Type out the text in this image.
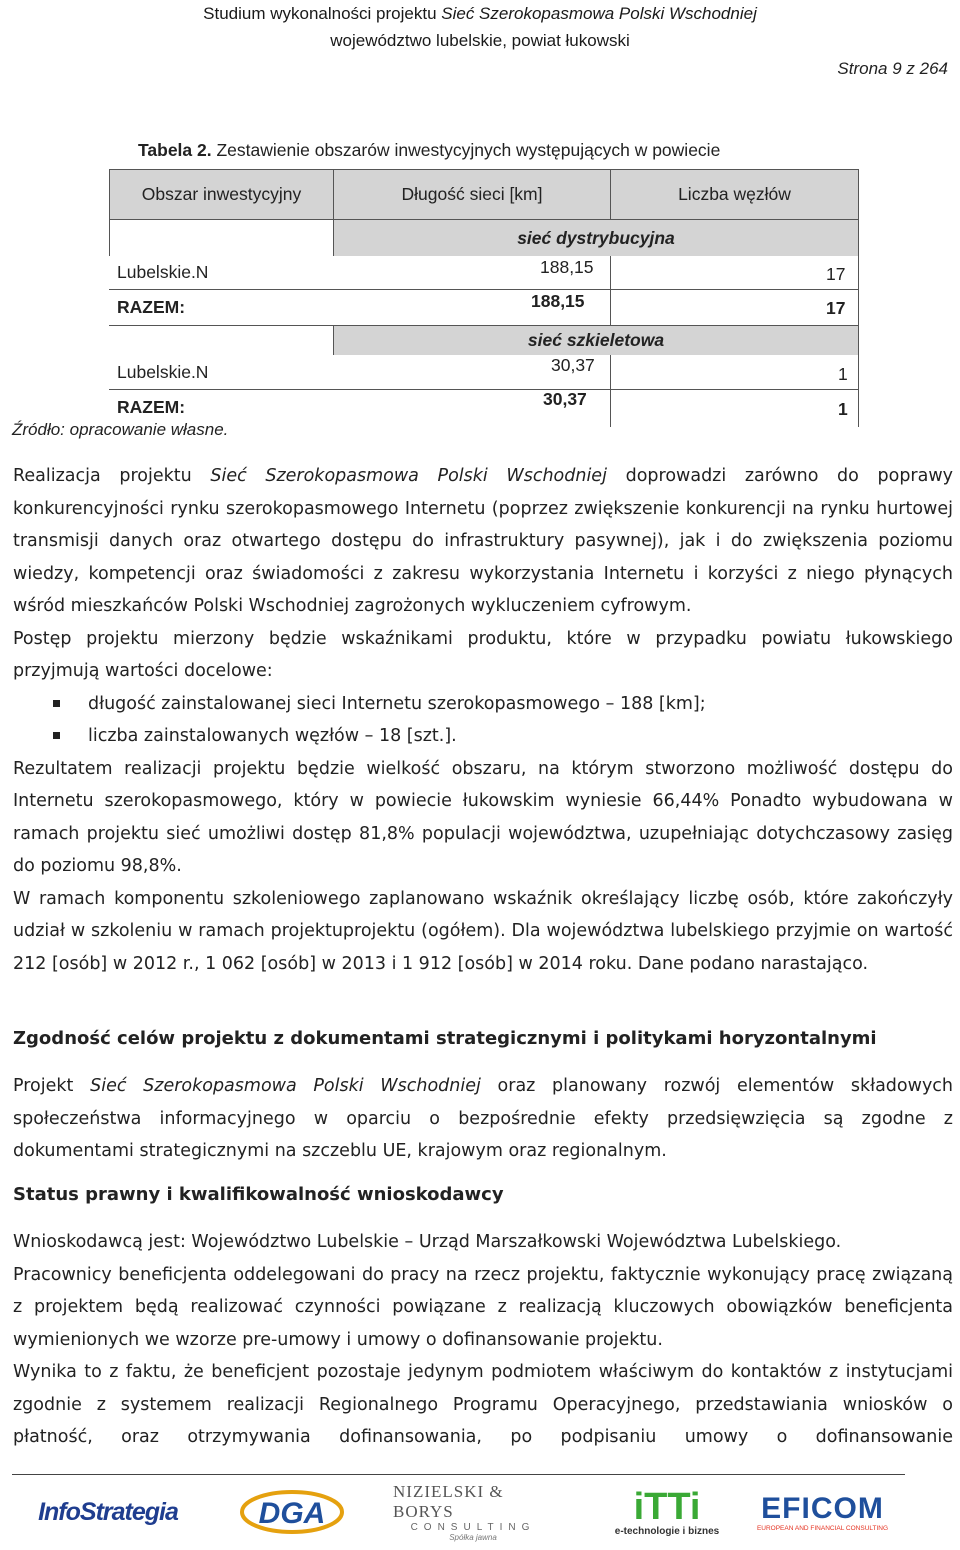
Studium wykonalności projektu Sieć Szerokopasmowa Polski Wschodniej
województwo lubelskie, powiat łukowski
Strona 9 z 264
Tabela 2. Zestawienie obszarów inwestycyjnych występujących w powiecie
Obszar inwestycyjny	Długość sieci [km]	Liczba węzłów
sieć dystrybucyjna
Lubelskie.N	188,15	17
RAZEM:	188,15	17
sieć szkieletowa
Lubelskie.N	30,37	1
RAZEM:	30,37	1
Źródło: opracowanie własne.

Realizacja projektu Sieć Szerokopasmowa Polski Wschodniej doprowadzi zarówno do poprawy konkurencyjności rynku szerokopasmowego Internetu (poprzez zwiększenie konkurencji na rynku hurtowej transmisji danych oraz otwartego dostępu do infrastruktury pasywnej), jak i do zwiększenia poziomu wiedzy, kompetencji oraz świadomości z zakresu wykorzystania Internetu i korzyści z niego płynących wśród mieszkańców Polski Wschodniej zagrożonych wykluczeniem cyfrowym.

Postęp projektu mierzony będzie wskaźnikami produktu, które w przypadku powiatu łukowskiego przyjmują wartości docelowe:

długość zainstalowanej sieci Internetu szerokopasmowego – 188 [km];

liczba zainstalowanych węzłów – 18 [szt.].

Rezultatem realizacji projektu będzie wielkość obszaru, na którym stworzono możliwość dostępu do Internetu szerokopasmowego, który w powiecie łukowskim wyniesie 66,44% Ponadto wybudowana w ramach projektu sieć umożliwi dostęp 81,8% populacji województwa, uzupełniając dotychczasowy zasięg do poziomu 98,8%.

W ramach komponentu szkoleniowego zaplanowano wskaźnik określający liczbę osób, które zakończyły udział w szkoleniu w ramach projektuprojektu (ogółem). Dla województwa lubelskiego przyjmie on wartość 212 [osób] w 2012 r., 1 062 [osób] w 2013 i 1 912 [osób] w 2014 roku. Dane podano narastająco.

Zgodność celów projektu z dokumentami strategicznymi i politykami horyzontalnymi

Projekt Sieć Szerokopasmowa Polski Wschodniej oraz planowany rozwój elementów składowych społeczeństwa informacyjnego w oparciu o bezpośrednie efekty przedsięwzięcia są zgodne z dokumentami strategicznymi na szczeblu UE, krajowym oraz regionalnym.

Status prawny i kwalifikowalność wnioskodawcy

Wnioskodawcą jest: Województwo Lubelskie – Urząd Marszałkowski Województwa Lubelskiego.

Pracownicy beneficjenta oddelegowani do pracy na rzecz projektu, faktycznie wykonujący pracę związaną z projektem będą realizować czynności powiązane z realizacją kluczowych obowiązków beneficjenta wymienionych we wzorze pre-umowy i umowy o dofinansowanie projektu.

Wynika to z faktu, że beneficjent pozostaje jedynym podmiotem właściwym do kontaktów z instytucjami zgodnie z systemem realizacji Regionalnego Programu Operacyjnego, przedstawiania wniosków o płatność, oraz otrzymywania dofinansowania, po podpisaniu umowy o dofinansowanie

InfoStrategia	DGA
NIZIELSKI & BORYS
CONSULTING
Spółka jawna
iTTi
e-technologie i biznes
EFICOM
EUROPEAN AND FINANCIAL CONSULTING
